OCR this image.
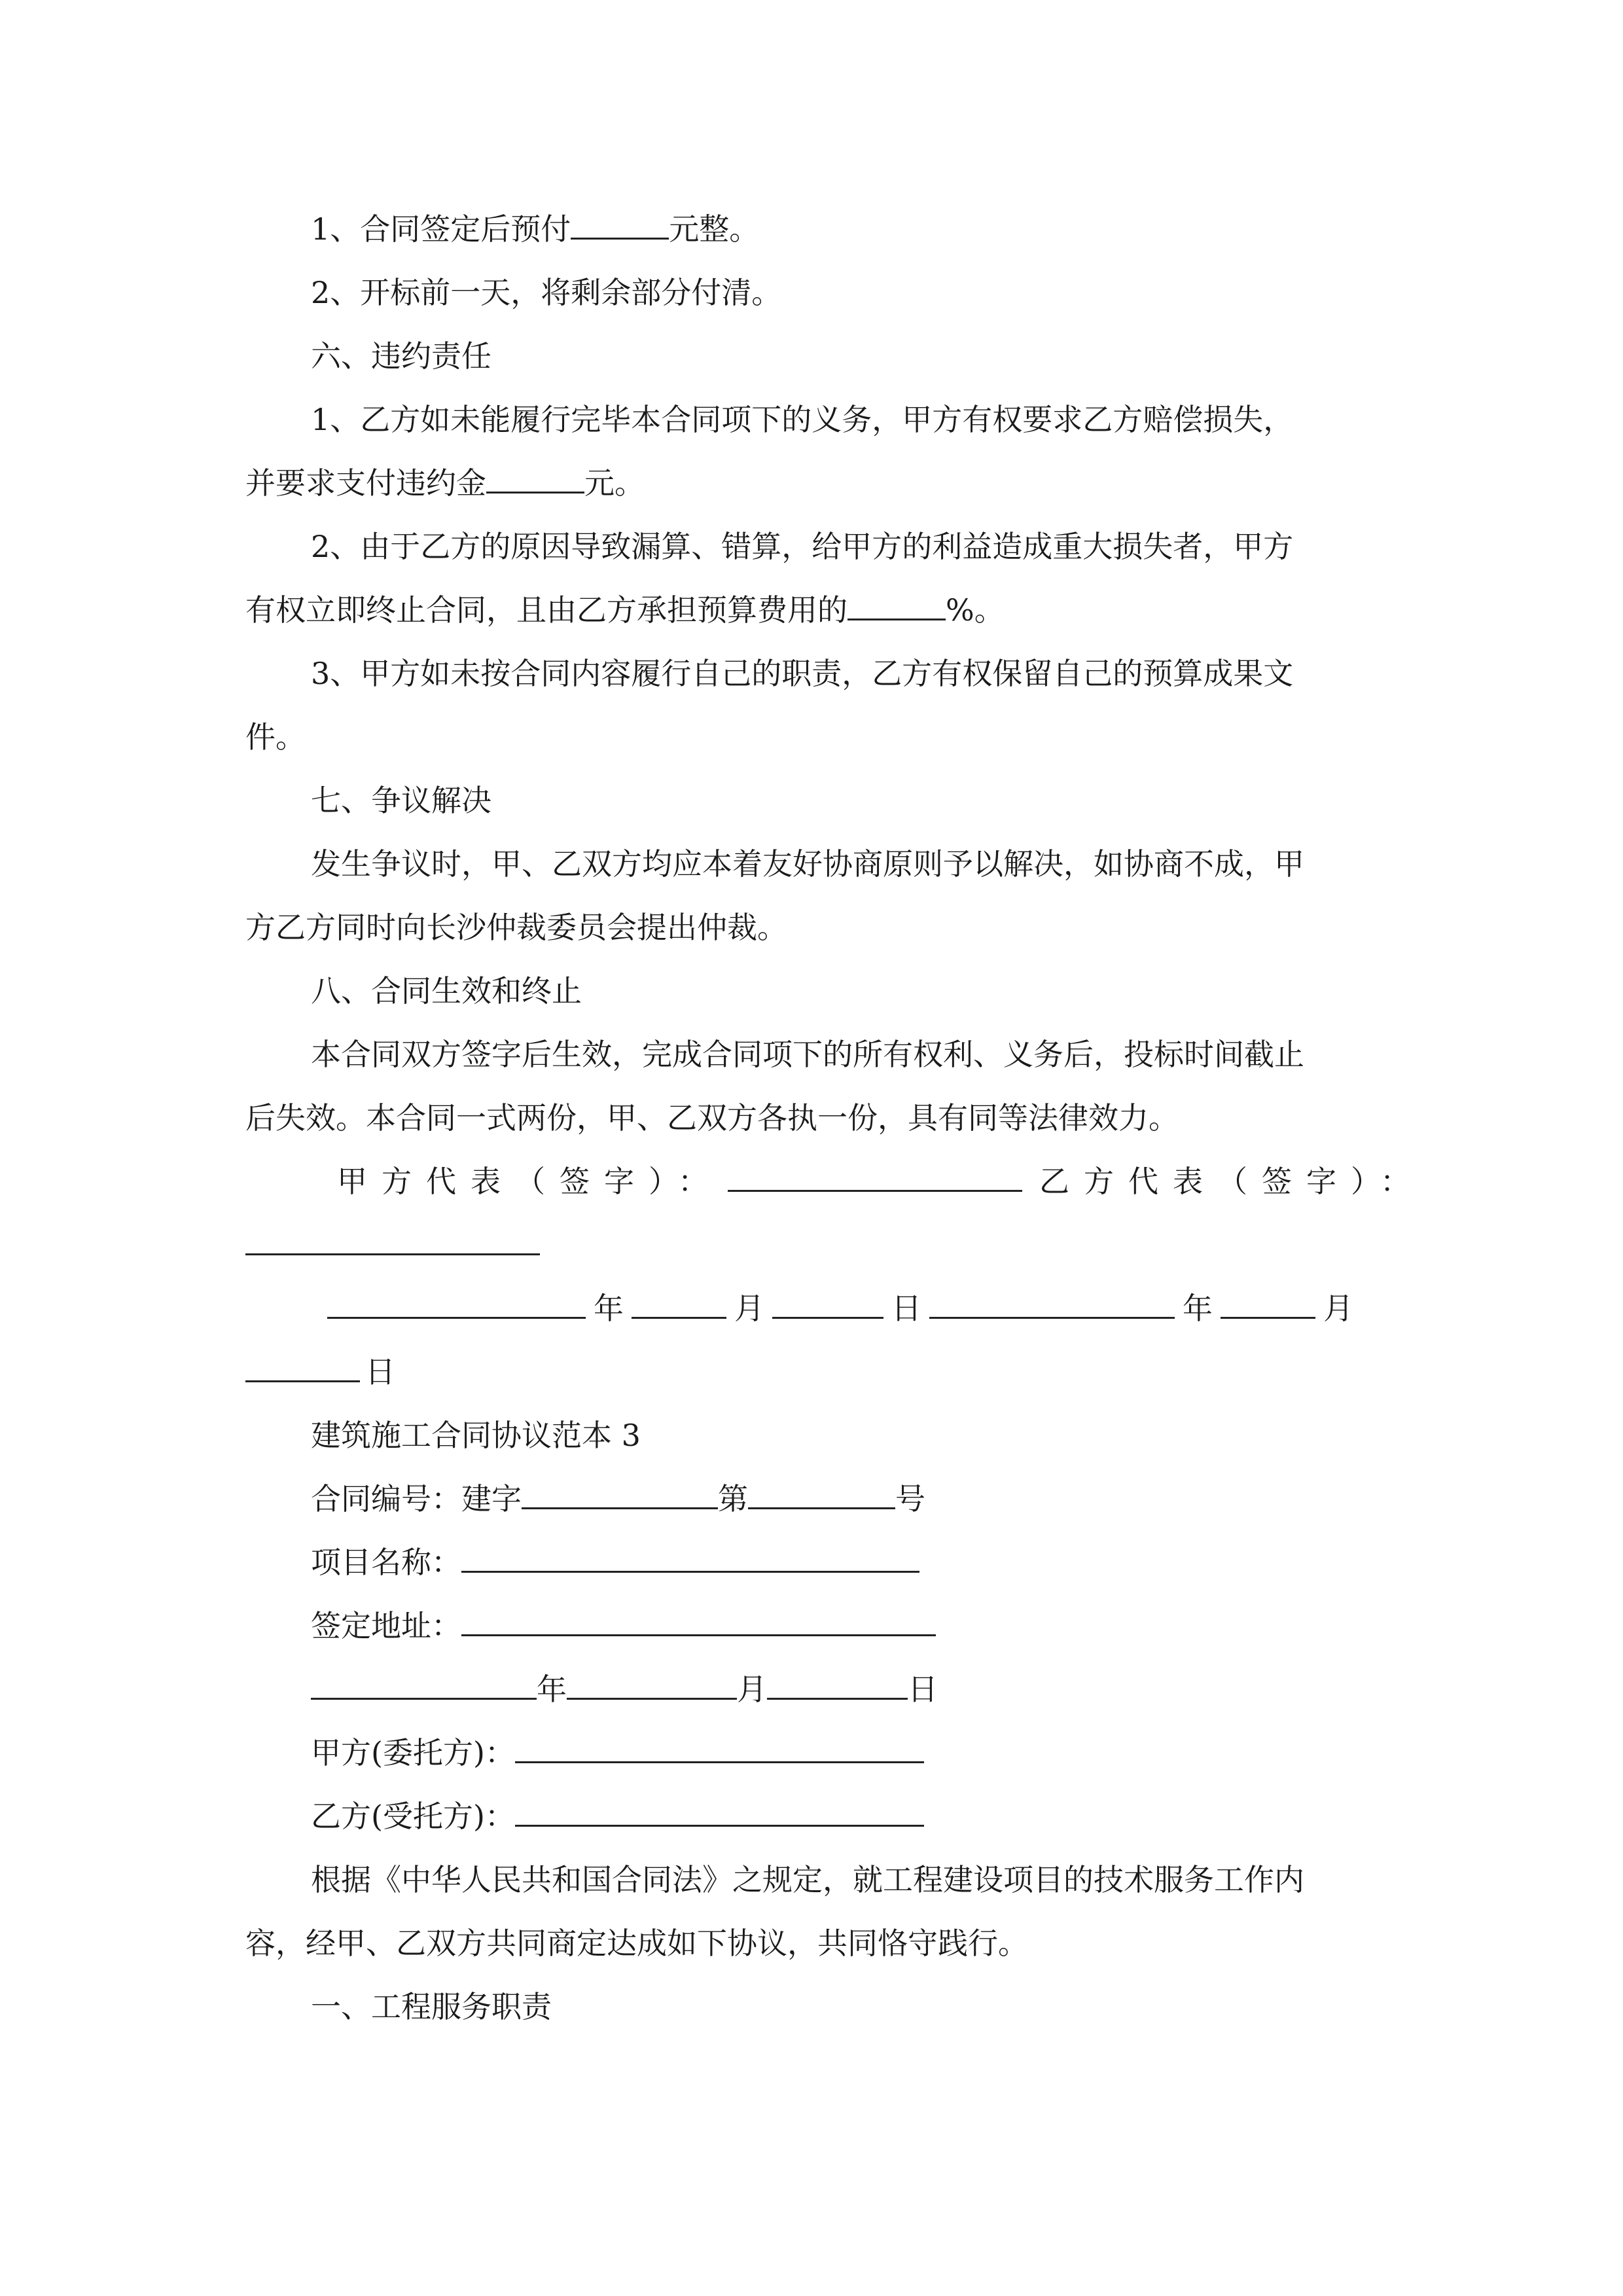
1、合同签定后预付	元整。
2、开标前一天，将剩余部分付清。
六、违约责任
1、乙方如未能履行完毕本合同项下的义务，甲方有权要求乙方赔偿损失，
并要求支付违约金	元。
2、由于乙方的原因导致漏算、错算，给甲方的利益造成重大损失者，甲方
有权立即终止合同，且由乙方承担预算费用的	%。
3、甲方如未按合同内容履行自己的职责，乙方有权保留自己的预算成果文
件。
七、争议解决
发生争议时，甲、乙双方均应本着友好协商原则予以解决，如协商不成，甲
方乙方同时向长沙仲裁委员会提出仲裁。
八、合同生效和终止
本合同双方签字后生效，完成合同项下的所有权利、义务后，投标时间截止
后失效。本合同一式两份，甲、乙双方各执一份，具有同等法律效力。
甲方代表（签字）：	乙方代表（签字）：
年	月	日	年	月
日
建筑施工合同协议范本 3
合同编号：建字	第	号
项目名称：
签定地址：
年	月	日
甲方(委托方)：
乙方(受托方)：
根据《中华人民共和国合同法》之规定，就工程建设项目的技术服务工作内
容，经甲、乙双方共同商定达成如下协议，共同恪守践行。
一、工程服务职责
